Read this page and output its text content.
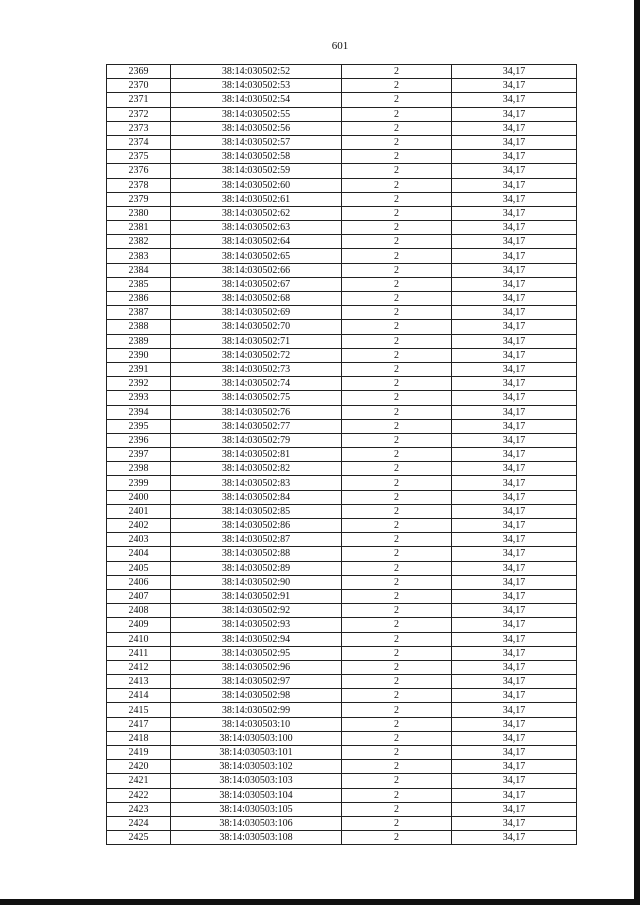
601
2369	38:14:030502:52	2	34,17
2370	38:14:030502:53	2	34,17
2371	38:14:030502:54	2	34,17
2372	38:14:030502:55	2	34,17
2373	38:14:030502:56	2	34,17
2374	38:14:030502:57	2	34,17
2375	38:14:030502:58	2	34,17
2376	38:14:030502:59	2	34,17
2378	38:14:030502:60	2	34,17
2379	38:14:030502:61	2	34,17
2380	38:14:030502:62	2	34,17
2381	38:14:030502:63	2	34,17
2382	38:14:030502:64	2	34,17
2383	38:14:030502:65	2	34,17
2384	38:14:030502:66	2	34,17
2385	38:14:030502:67	2	34,17
2386	38:14:030502:68	2	34,17
2387	38:14:030502:69	2	34,17
2388	38:14:030502:70	2	34,17
2389	38:14:030502:71	2	34,17
2390	38:14:030502:72	2	34,17
2391	38:14:030502:73	2	34,17
2392	38:14:030502:74	2	34,17
2393	38:14:030502:75	2	34,17
2394	38:14:030502:76	2	34,17
2395	38:14:030502:77	2	34,17
2396	38:14:030502:79	2	34,17
2397	38:14:030502:81	2	34,17
2398	38:14:030502:82	2	34,17
2399	38:14:030502:83	2	34,17
2400	38:14:030502:84	2	34,17
2401	38:14:030502:85	2	34,17
2402	38:14:030502:86	2	34,17
2403	38:14:030502:87	2	34,17
2404	38:14:030502:88	2	34,17
2405	38:14:030502:89	2	34,17
2406	38:14:030502:90	2	34,17
2407	38:14:030502:91	2	34,17
2408	38:14:030502:92	2	34,17
2409	38:14:030502:93	2	34,17
2410	38:14:030502:94	2	34,17
2411	38:14:030502:95	2	34,17
2412	38:14:030502:96	2	34,17
2413	38:14:030502:97	2	34,17
2414	38:14:030502:98	2	34,17
2415	38:14:030502:99	2	34,17
2417	38:14:030503:10	2	34,17
2418	38:14:030503:100	2	34,17
2419	38:14:030503:101	2	34,17
2420	38:14:030503:102	2	34,17
2421	38:14:030503:103	2	34,17
2422	38:14:030503:104	2	34,17
2423	38:14:030503:105	2	34,17
2424	38:14:030503:106	2	34,17
2425	38:14:030503:108	2	34,17
